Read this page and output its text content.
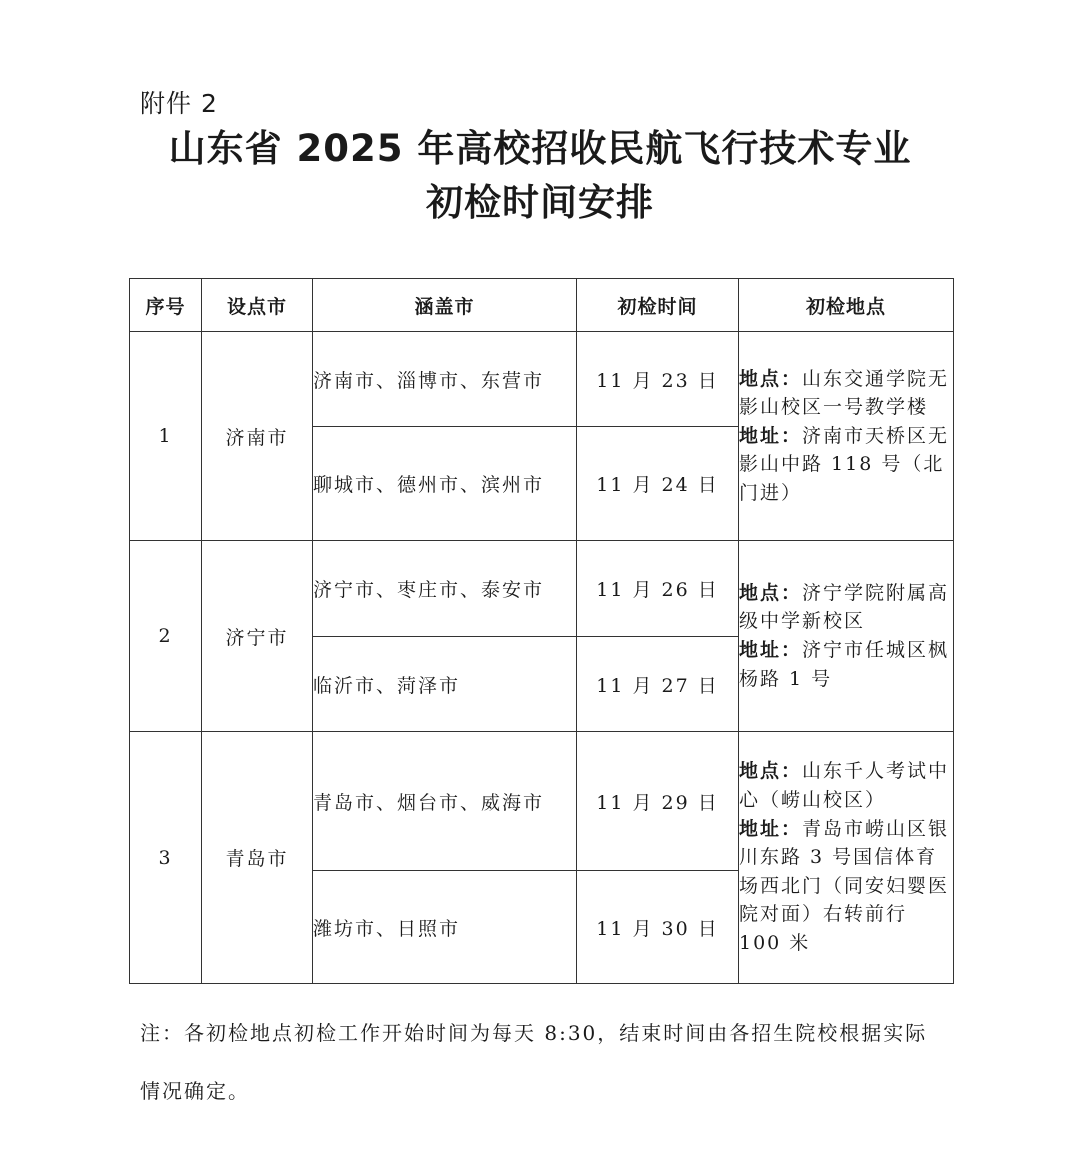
附件 2
山东省 2025 年高校招收民航飞行技术专业
初检时间安排
序号	设点市	涵盖市	初检时间	初检地点
1	济南市	济南市、淄博市、东营市	11 月 23 日	地点：山东交通学院无影山校区一号教学楼
地址：济南市天桥区无影山中路 118 号（北门进）
		聊城市、德州市、滨州市	11 月 24 日	
2	济宁市	济宁市、枣庄市、泰安市	11 月 26 日	地点：济宁学院附属高级中学新校区
地址：济宁市任城区枫杨路 1 号
		临沂市、菏泽市	11 月 27 日	
3	青岛市	青岛市、烟台市、威海市	11 月 29 日	地点：山东千人考试中心（崂山校区）
地址：青岛市崂山区银川东路 3 号国信体育场西北门（同安妇婴医院对面）右转前行 100 米
		潍坊市、日照市	11 月 30 日	
注：各初检地点初检工作开始时间为每天 8:30，结束时间由各招生院校根据实际情况确定。
